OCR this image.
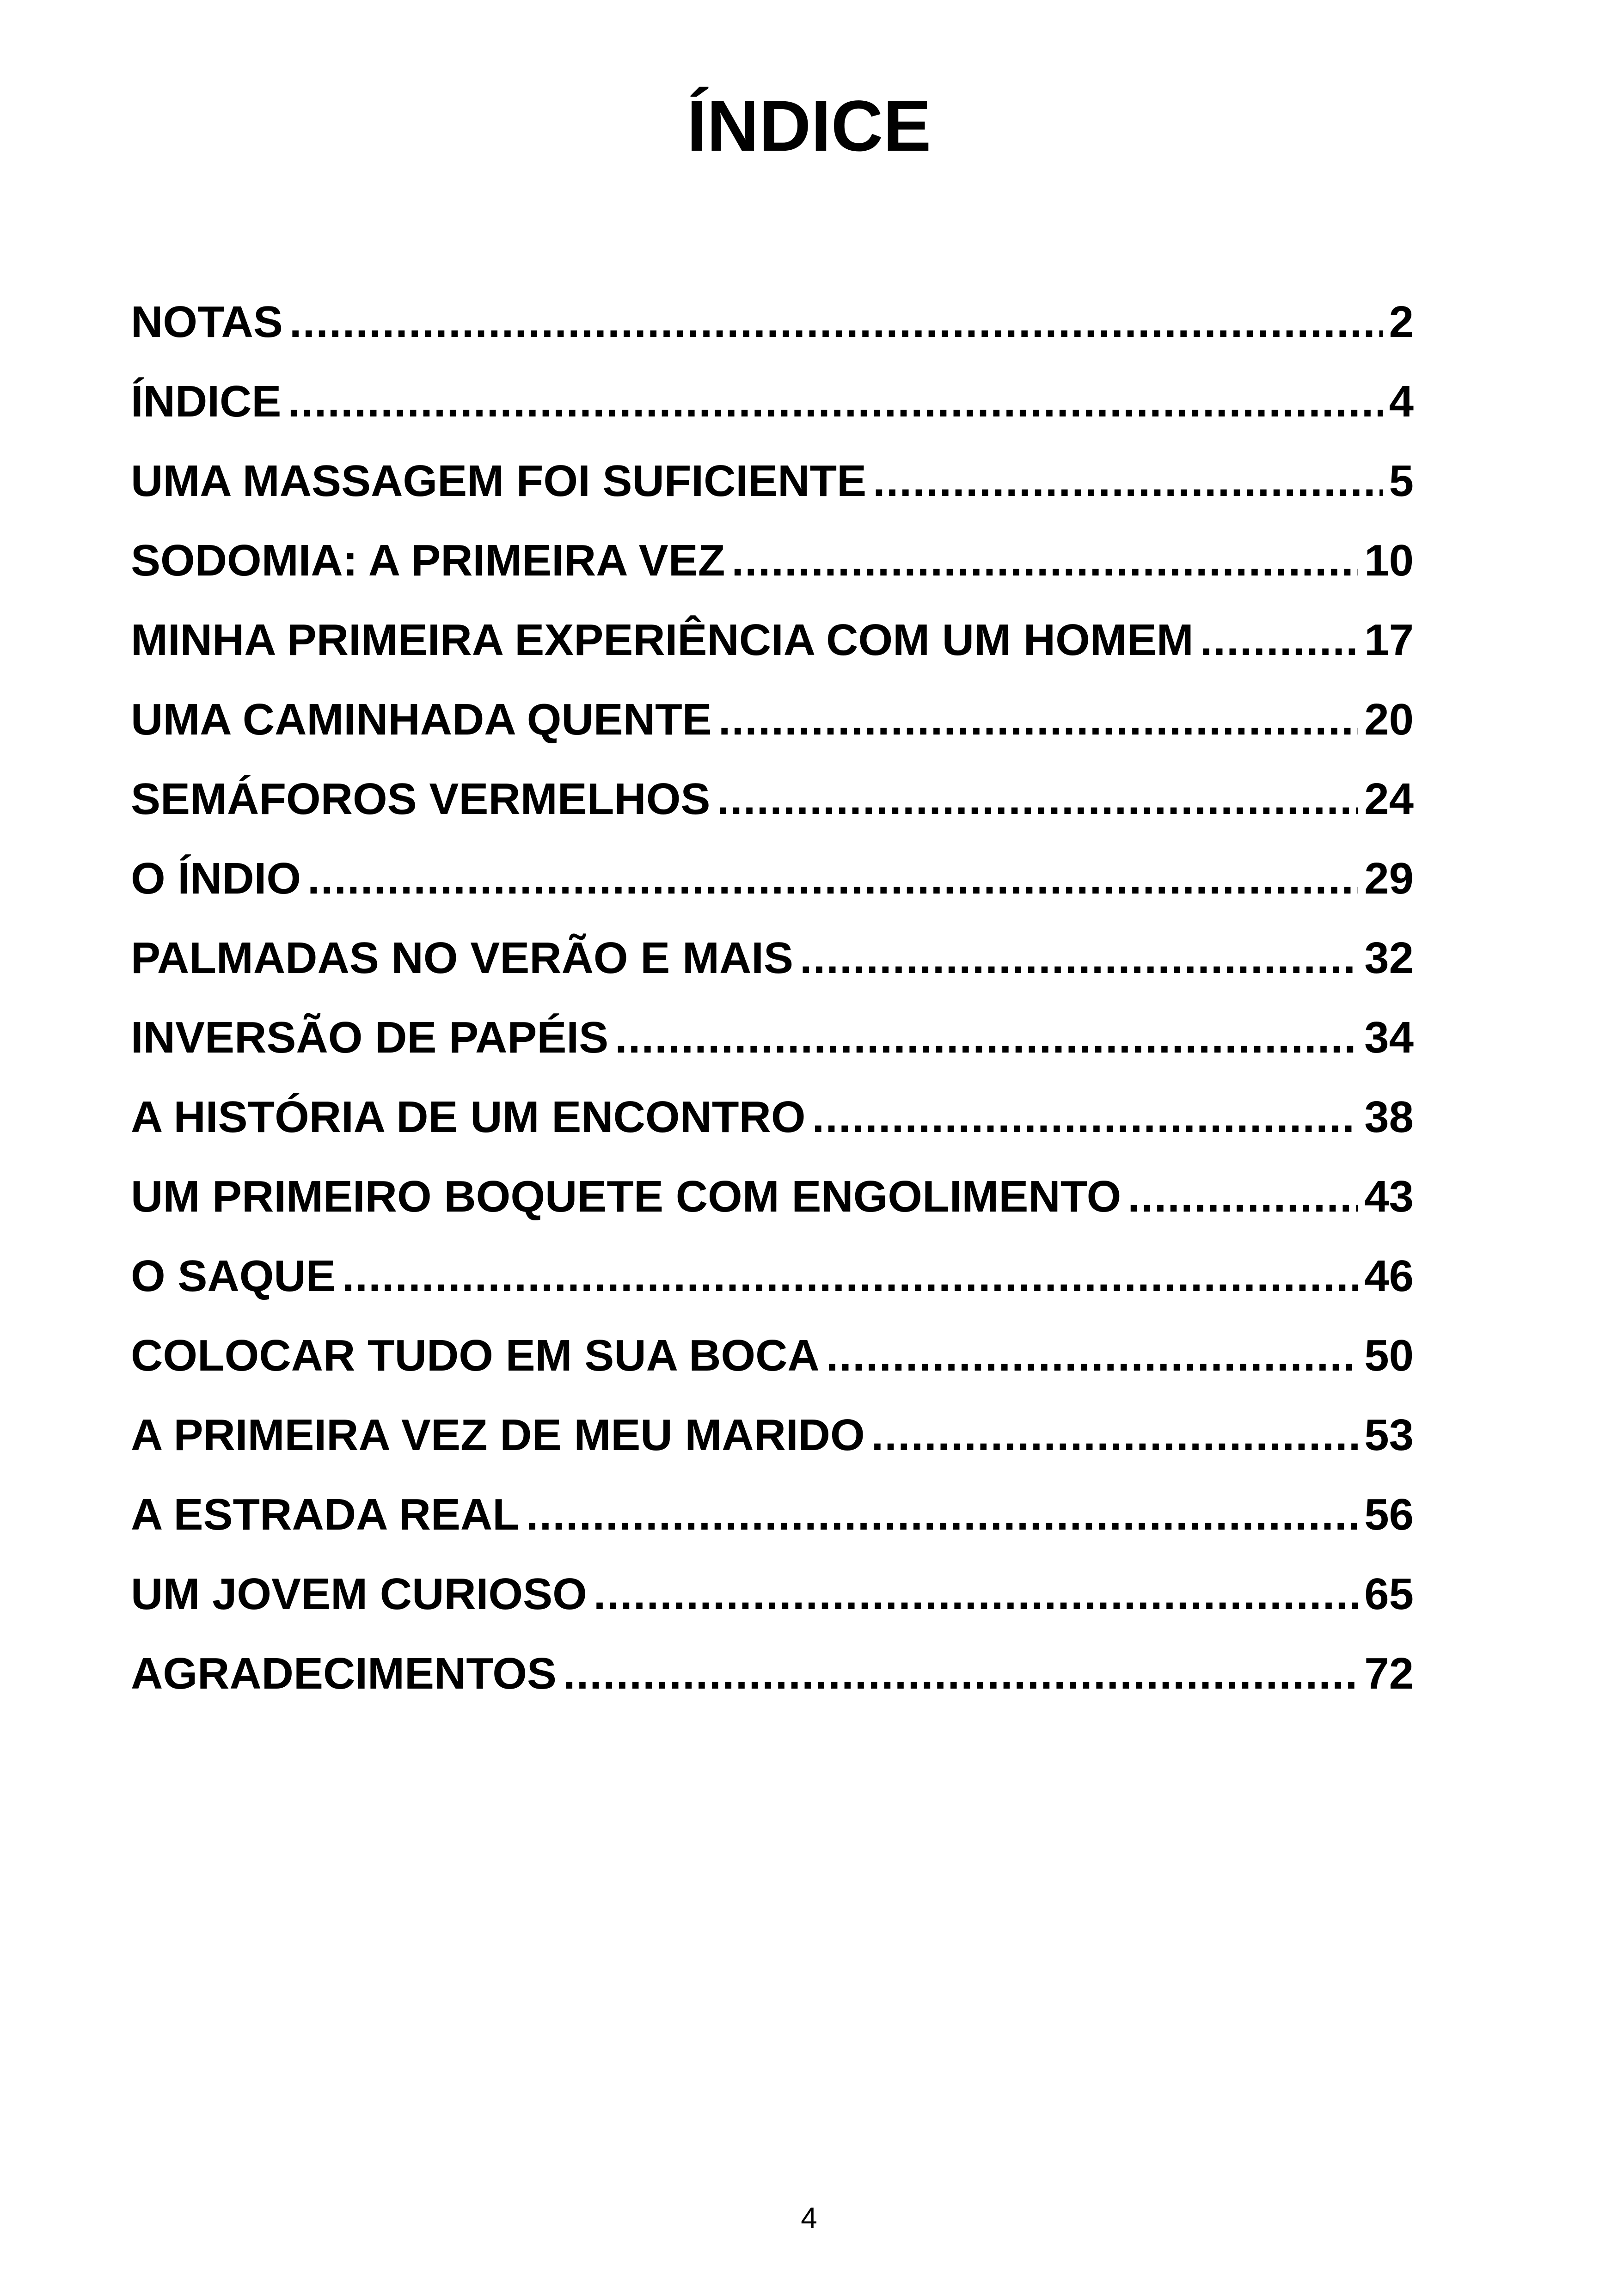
ÍNDICE
NOTAS .....	2
ÍNDICE .....	4
UMA MASSAGEM FOI SUFICIENTE .....	5
SODOMIA: A PRIMEIRA VEZ .....	10
MINHA PRIMEIRA EXPERIÊNCIA COM UM HOMEM .....	17
UMA CAMINHADA QUENTE .....	20
SEMÁFOROS VERMELHOS .....	24
O ÍNDIO .....	29
PALMADAS NO VERÃO E MAIS .....	32
INVERSÃO DE PAPÉIS .....	34
A HISTÓRIA DE UM ENCONTRO .....	38
UM PRIMEIRO BOQUETE COM ENGOLIMENTO .....	43
O SAQUE .....	46
COLOCAR TUDO EM SUA BOCA .....	50
A PRIMEIRA VEZ DE MEU MARIDO .....	53
A ESTRADA REAL .....	56
UM JOVEM CURIOSO .....	65
AGRADECIMENTOS .....	72
4
